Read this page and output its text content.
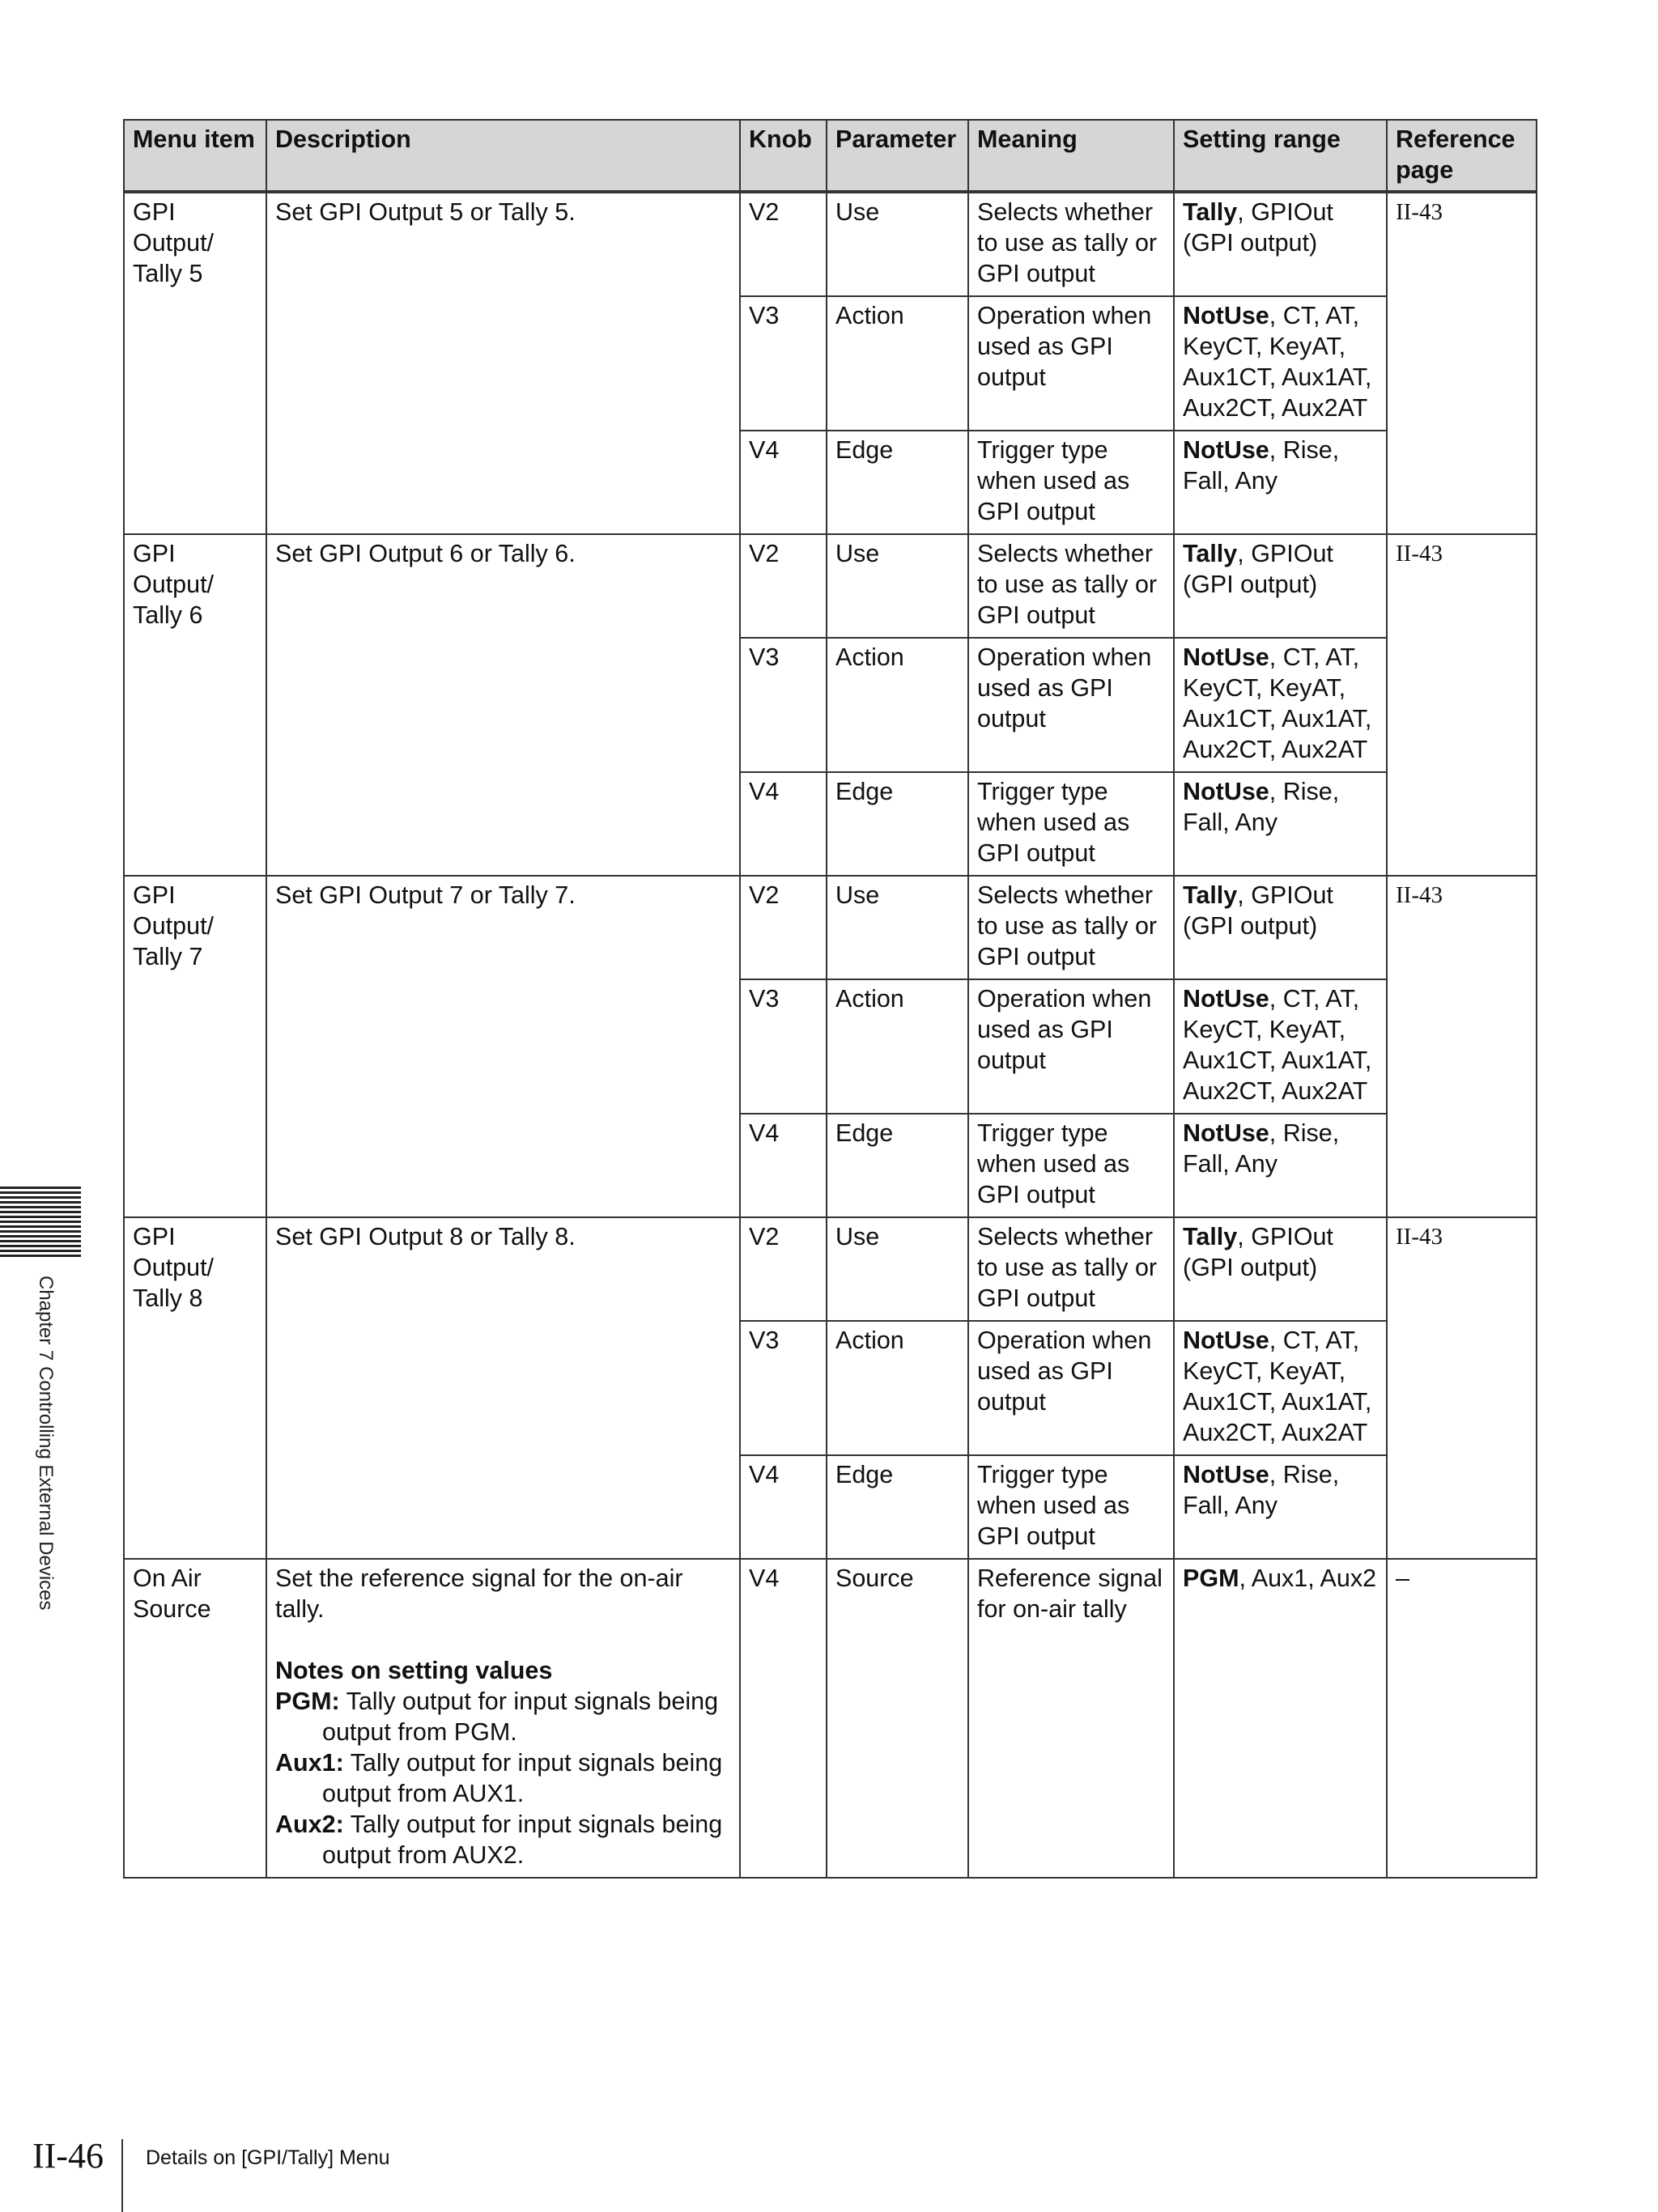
Menu item	Description	Knob	Parameter	Meaning	Setting range	Reference page
GPI Output/ Tally 5	Set GPI Output 5 or Tally 5.	V2	Use	Selects whether to use as tally or GPI output	Tally, GPIOut (GPI output)	II-43
		V3	Action	Operation when used as GPI output	NotUse, CT, AT, KeyCT, KeyAT, Aux1CT, Aux1AT, Aux2CT, Aux2AT	
		V4	Edge	Trigger type when used as GPI output	NotUse, Rise, Fall, Any	
GPI Output/ Tally 6	Set GPI Output 6 or Tally 6.	V2	Use	Selects whether to use as tally or GPI output	Tally, GPIOut (GPI output)	II-43
		V3	Action	Operation when used as GPI output	NotUse, CT, AT, KeyCT, KeyAT, Aux1CT, Aux1AT, Aux2CT, Aux2AT	
		V4	Edge	Trigger type when used as GPI output	NotUse, Rise, Fall, Any	
GPI Output/ Tally 7	Set GPI Output 7 or Tally 7.	V2	Use	Selects whether to use as tally or GPI output	Tally, GPIOut (GPI output)	II-43
		V3	Action	Operation when used as GPI output	NotUse, CT, AT, KeyCT, KeyAT, Aux1CT, Aux1AT, Aux2CT, Aux2AT	
		V4	Edge	Trigger type when used as GPI output	NotUse, Rise, Fall, Any	
GPI Output/ Tally 8	Set GPI Output 8 or Tally 8.	V2	Use	Selects whether to use as tally or GPI output	Tally, GPIOut (GPI output)	II-43
		V3	Action	Operation when used as GPI output	NotUse, CT, AT, KeyCT, KeyAT, Aux1CT, Aux1AT, Aux2CT, Aux2AT	
		V4	Edge	Trigger type when used as GPI output	NotUse, Rise, Fall, Any	
On Air Source	Set the reference signal for the on-air tally.
Notes on setting values
PGM: Tally output for input signals being output from PGM.
Aux1: Tally output for input signals being output from AUX1.
Aux2: Tally output for input signals being output from AUX2.	V4	Source	Reference signal for on-air tally	PGM, Aux1, Aux2	–
Chapter 7 Controlling External Devices
II-46 Details on [GPI/Tally] Menu
